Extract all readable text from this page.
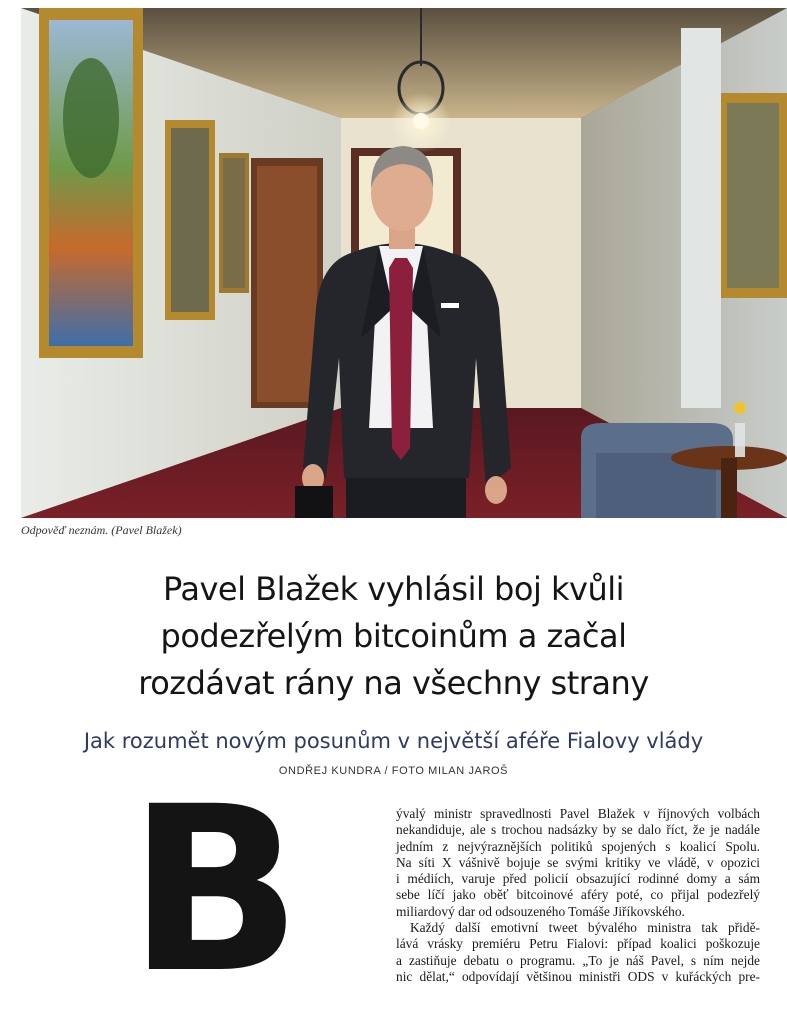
Odpověď neznám. (Pavel Blažek)
Pavel Blažek vyhlásil boj kvůli
podezřelým bitcoinům a začal
rozdávat rány na všechny strany
Jak rozumět novým posunům v největší aféře Fialovy vlády
ONDŘEJ KUNDRA / FOTO MILAN JAROŠ
B	ývalý ministr spravedlnosti Pavel Blažek v říjnových volbách
nekandiduje, ale s trochou nadsázky by se dalo říct, že je nadále
jedním z nejvýraznějších politiků spojených s koalicí Spolu.
Na síti X vášnivě bojuje se svými kritiky ve vládě, v opozici
i médiích, varuje před policií obsazující rodinné domy a sám
sebe líčí jako oběť bitcoinové aféry poté, co přijal podezřelý
miliardový dar od odsouzeného Tomáše Jiříkovského.
Každý další emotivní tweet bývalého ministra tak přidě-
lává vrásky premiéru Petru Fialovi: případ koalici poškozuje
a zastiňuje debatu o programu. „To je náš Pavel, s ním nejde
nic dělat,“ odpovídají většinou ministři ODS v kuřáckých pre-
